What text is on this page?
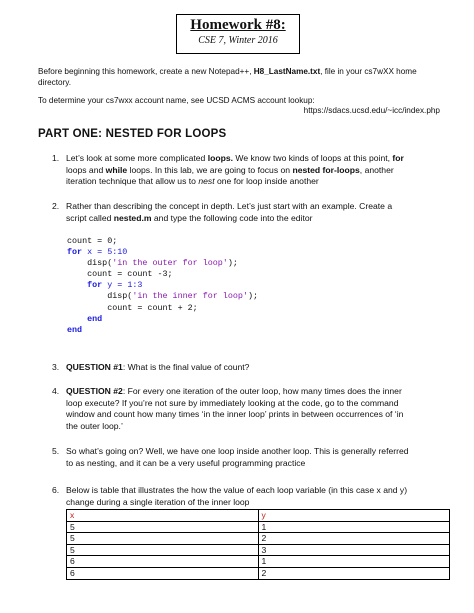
Homework #8:
CSE 7, Winter 2016
Before beginning this homework, create a new Notepad++, H8_LastName.txt, file in your cs7wXX home
directory.
To determine your cs7wxx account name, see UCSD ACMS account lookup:
https://sdacs.ucsd.edu/~icc/index.php
PART ONE: NESTED FOR LOOPS
1. Let’s look at some more complicated loops. We know two kinds of loops at this point, for
loops and while loops. In this lab, we are going to focus on nested for-loops, another
iteration technique that allow us to nest one for loop inside another
2. Rather than describing the concept in depth. Let’s just start with an example. Create a
script called nested.m and type the following code into the editor
count = 0;
for x = 5:10
disp('in the outer for loop');
count = count -3;
for y = 1:3
disp('in the inner for loop');
count = count + 2;
end
end
3. QUESTION #1: What is the final value of count?
4. QUESTION #2: For every one iteration of the outer loop, how many times does the inner
loop execute? If you’re not sure by immediately looking at the code, go to the command
window and count how many times ‘in the inner loop’ prints in between occurrences of ‘in
the outer loop.’
5. So what’s going on? Well, we have one loop inside another loop. This is generally referred
to as nesting, and it can be a very useful programming practice
6. Below is table that illustrates the how the value of each loop variable (in this case x and y)
change during a single iteration of the inner loop
x	y
5	1
5	2
5	3
6	1
6	2
